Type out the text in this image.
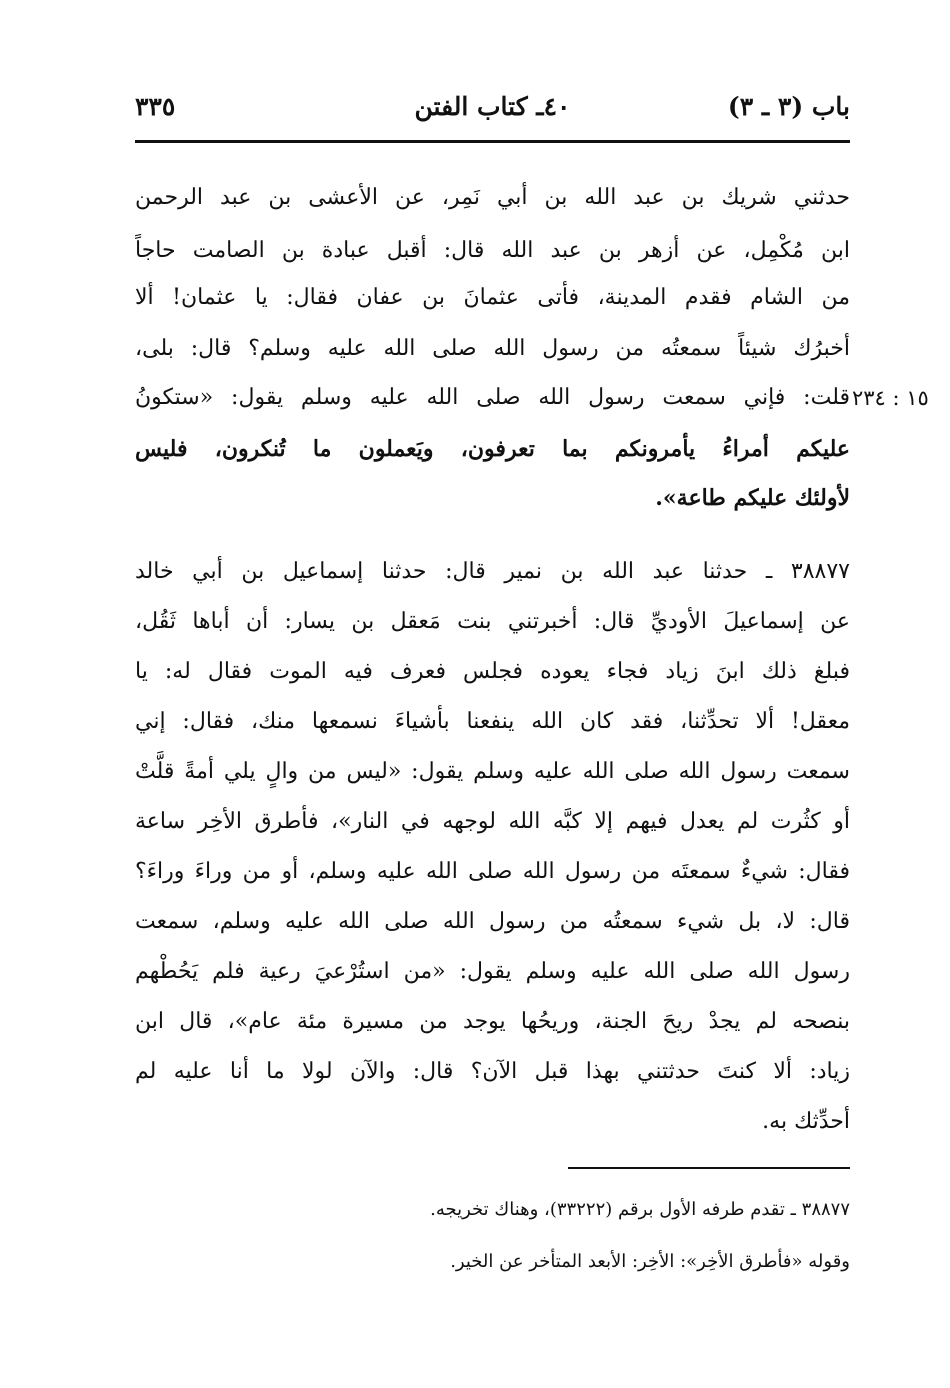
باب (٣ ـ ٣)
٤٠ـ كتاب الفتن
٣٣٥
١٥ : ٢٣٤
حدثني شريك بن عبد الله بن أبي نَمِر، عن الأعشى بن عبد الرحمن
ابن مُكْمِل، عن أزهر بن عبد الله قال: أقبل عبادة بن الصامت حاجاً
من الشام فقدم المدينة، فأتى عثمانَ بن عفان فقال: يا عثمان! ألا
أخبرُك شيئاً سمعتُه من رسول الله صلى الله عليه وسلم؟ قال: بلى،
قلت: فإني سمعت رسول الله صلى الله عليه وسلم يقول: «ستكونُ
عليكم أمراءُ يأمرونكم بما تعرفون، ويَعملون ما تُنكرون، فليس
لأولئك عليكم طاعة».
٣٨٨٧٧ ـ حدثنا عبد الله بن نمير قال: حدثنا إسماعيل بن أبي خالد
عن إسماعيلَ الأوديِّ قال: أخبرتني بنت مَعقل بن يسار: أن أباها ثَقُل،
فبلغ ذلك ابنَ زياد فجاء يعوده فجلس فعرف فيه الموت فقال له: يا
معقل! ألا تحدِّثنا، فقد كان الله ينفعنا بأشياءَ نسمعها منك، فقال: إني
سمعت رسول الله صلى الله عليه وسلم يقول: «ليس من والٍ يلي أمةً قلَّتْ
أو كثُرت لم يعدل فيهم إلا كبَّه الله لوجهه في النار»، فأطرق الأخِر ساعة
فقال: شيءٌ سمعتَه من رسول الله صلى الله عليه وسلم، أو من وراءَ وراءَ؟
قال: لا، بل شيء سمعتُه من رسول الله صلى الله عليه وسلم، سمعت
رسول الله صلى الله عليه وسلم يقول: «من استُرْعيَ رعية فلم يَحُطْهم
بنصحه لم يجدْ ريحَ الجنة، وريحُها يوجد من مسيرة مئة عام»، قال ابن
زياد: ألا كنتَ حدثتني بهذا قبل الآن؟ قال: والآن لولا ما أنا عليه لم
أحدِّثك به.
٣٨٨٧٧ ـ تقدم طرفه الأول برقم (٣٣٢٢٢)، وهناك تخريجه.
وقوله «فأطرق الأخِر»: الأخِر: الأبعد المتأخر عن الخير.
